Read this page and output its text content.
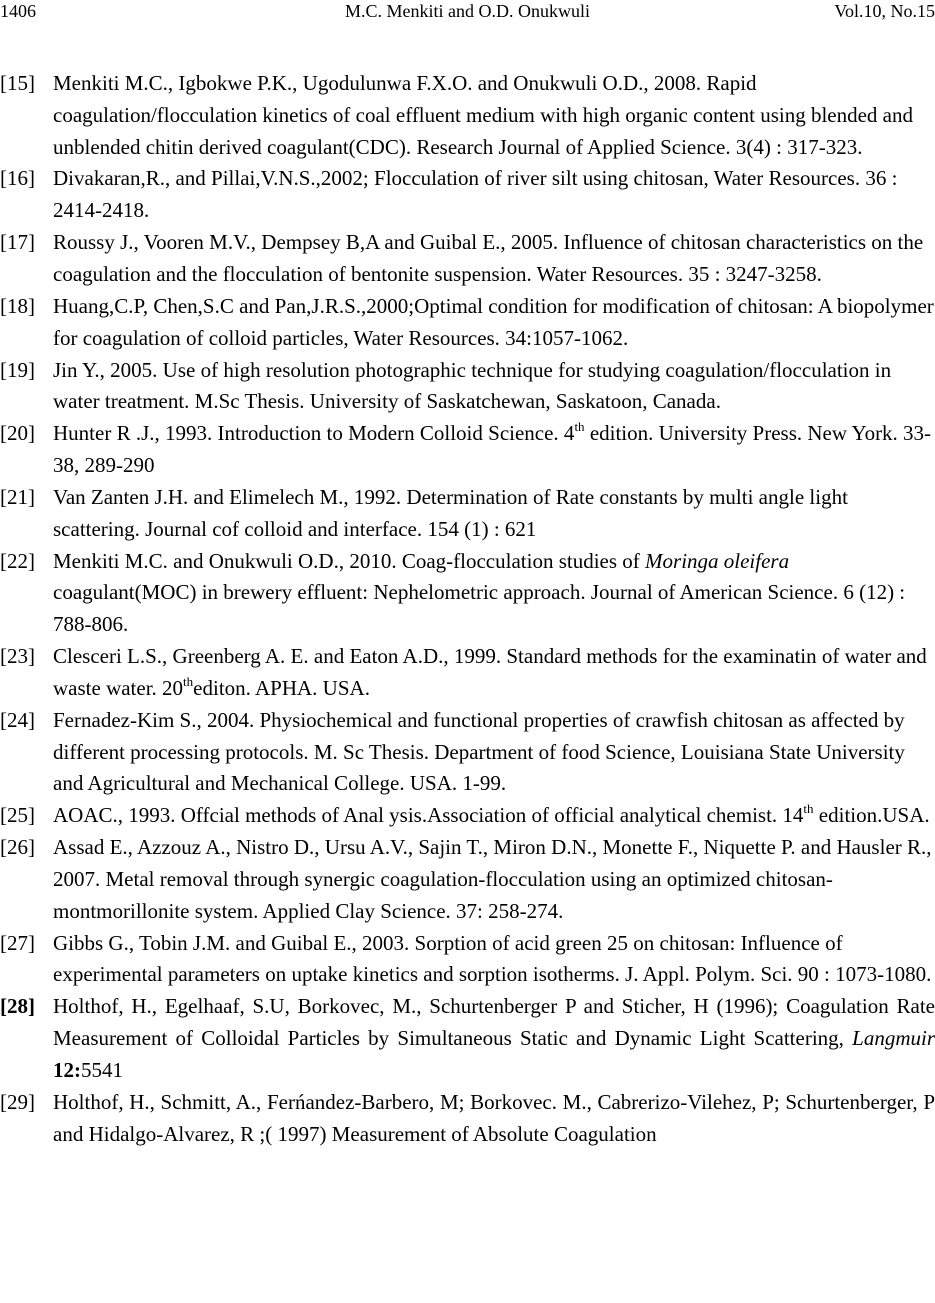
1406	M.C. Menkiti and O.D. Onukwuli	Vol.10, No.15
[15] Menkiti M.C., Igbokwe P.K., Ugodulunwa F.X.O. and Onukwuli O.D., 2008. Rapid coagulation/flocculation kinetics of coal effluent medium with high organic content using blended and unblended chitin derived coagulant(CDC). Research Journal of Applied Science. 3(4) : 317-323.
[16] Divakaran,R., and Pillai,V.N.S.,2002; Flocculation of river silt using chitosan, Water Resources. 36 : 2414-2418.
[17] Roussy J., Vooren M.V., Dempsey B,A and Guibal E., 2005. Influence of chitosan characteristics on the coagulation and the flocculation of bentonite suspension. Water Resources. 35 : 3247-3258.
[18] Huang,C.P, Chen,S.C and Pan,J.R.S.,2000;Optimal condition for modification of chitosan: A biopolymer for coagulation of colloid particles, Water Resources. 34:1057-1062.
[19] Jin Y., 2005. Use of high resolution photographic technique for studying coagulation/flocculation in water treatment. M.Sc Thesis. University of Saskatchewan, Saskatoon, Canada.
[20] Hunter R .J., 1993. Introduction to Modern Colloid Science. 4th edition. University Press. New York. 33-38, 289-290
[21] Van Zanten J.H. and Elimelech M., 1992. Determination of Rate constants by multi angle light scattering. Journal cof colloid and interface. 154 (1) : 621
[22] Menkiti M.C. and Onukwuli O.D., 2010. Coag-flocculation studies of Moringa oleifera coagulant(MOC) in brewery effluent: Nephelometric approach. Journal of American Science. 6 (12) : 788-806.
[23] Clesceri L.S., Greenberg A. E. and Eaton A.D., 1999. Standard methods for the examinatin of water and waste water. 20thediton. APHA. USA.
[24] Fernadez-Kim S., 2004. Physiochemical and functional properties of crawfish chitosan as affected by different processing protocols. M. Sc Thesis. Department of food Science, Louisiana State University and Agricultural and Mechanical College. USA. 1-99.
[25] AOAC., 1993. Offcial methods of Anal ysis.Association of official analytical chemist. 14th edition.USA.
[26] Assad E., Azzouz A., Nistro D., Ursu A.V., Sajin T., Miron D.N., Monette F., Niquette P. and Hausler R., 2007. Metal removal through synergic coagulation-flocculation using an optimized chitosan-montmorillonite system. Applied Clay Science. 37: 258-274.
[27] Gibbs G., Tobin J.M. and Guibal E., 2003. Sorption of acid green 25 on chitosan: Influence of experimental parameters on uptake kinetics and sorption isotherms. J. Appl. Polym. Sci. 90 : 1073-1080.
[28] Holthof, H., Egelhaaf, S.U, Borkovec, M., Schurtenberger P and Sticher, H (1996); Coagulation Rate Measurement of Colloidal Particles by Simultaneous Static and Dynamic Light Scattering, Langmuir 12:5541
[29] Holthof, H., Schmitt, A., Ferńandez-Barbero, M; Borkovec. M., Cabrerizo-Vilehez, P; Schurtenberger, P and Hidalgo-Alvarez, R ;( 1997) Measurement of Absolute Coagulation
